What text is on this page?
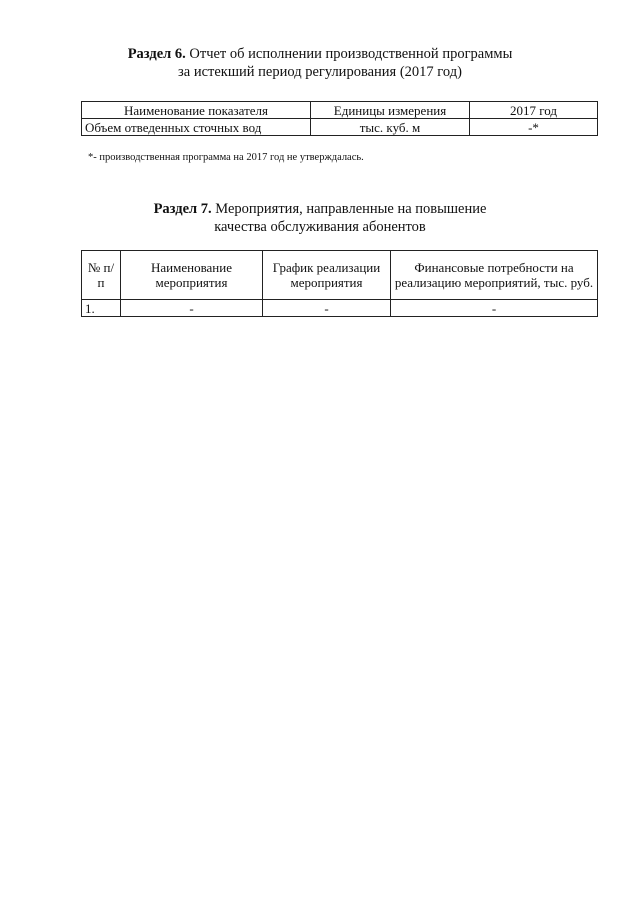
Раздел 6. Отчет об исполнении производственной программы
за истекший период регулирования (2017 год)
Наименование показателя	Единицы измерения	2017 год
Объем отведенных сточных вод	тыс. куб. м	-*
*- производственная программа на 2017 год не утверждалась.
Раздел 7. Мероприятия, направленные на повышение
качества обслуживания абонентов
№ п/п	Наименование мероприятия	График реализации мероприятия	Финансовые потребности на реализацию мероприятий, тыс. руб.
1.	-	-	-
